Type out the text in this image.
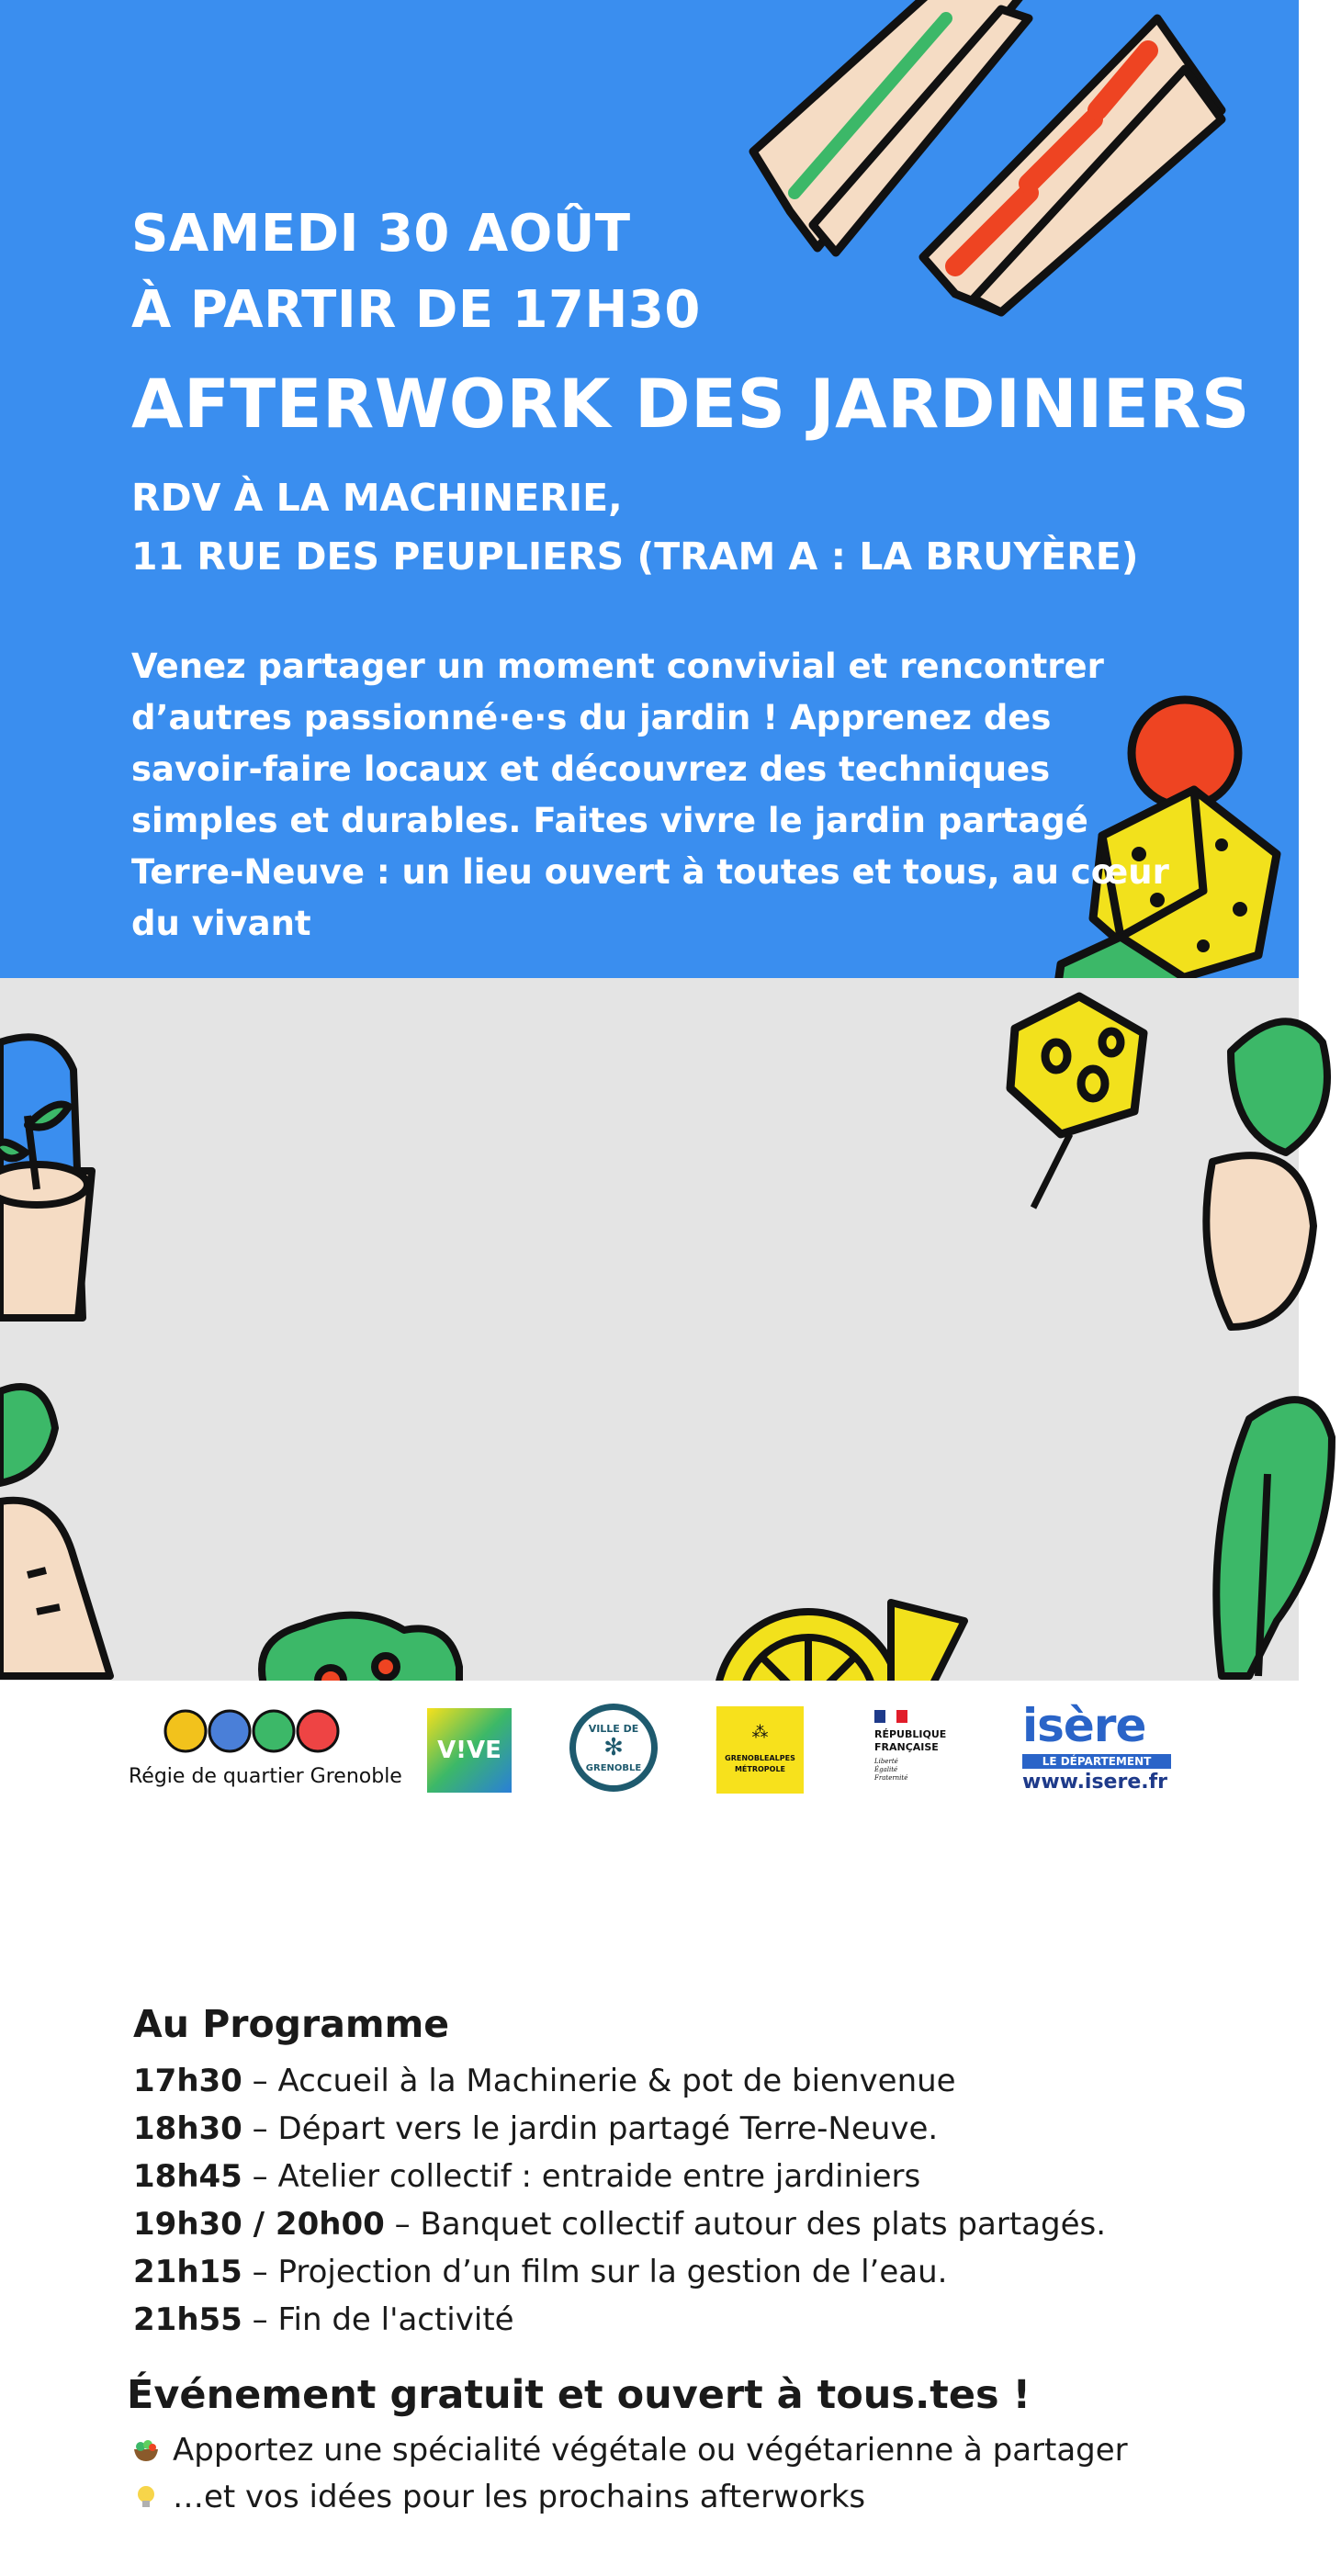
SAMEDI 30 AOÛT
À PARTIR DE 17H30
AFTERWORK DES JARDINIERS
RDV À LA MACHINERIE,
11 RUE DES PEUPLIERS (TRAM A : LA BRUYÈRE)

Venez partager un moment convivial et rencontrer d’autres passionné·e·s du jardin ! Apprenez des savoir-faire locaux et découvrez des techniques simples et durables. Faites vivre le jardin partagé Terre-Neuve : un lieu ouvert à toutes et tous, au cœur du vivant

Au Programme
17h30 – Accueil à la Machinerie & pot de bienvenue
18h30 – Départ vers le jardin partagé Terre-Neuve.
18h45 – Atelier collectif : entraide entre jardiniers
19h30 / 20h00 – Banquet collectif autour des plats partagés.
21h15 – Projection d’un film sur la gestion de l’eau.
21h55 – Fin de l'activité
Événement gratuit et ouvert à tous.tes !
Apportez une spécialité végétale ou végétarienne à partager
…et vos idées pour les prochains afterworks
Régie de quartier Grenoble
V!VE
VILLE DE
✻
GRENOBLE
⁂
GRENOBLEALPES
MÉTROPOLE
RÉPUBLIQUE
FRANÇAISE
Liberté
Égalité
Fraternité
isère
LE DÉPARTEMENT
www.isere.fr
